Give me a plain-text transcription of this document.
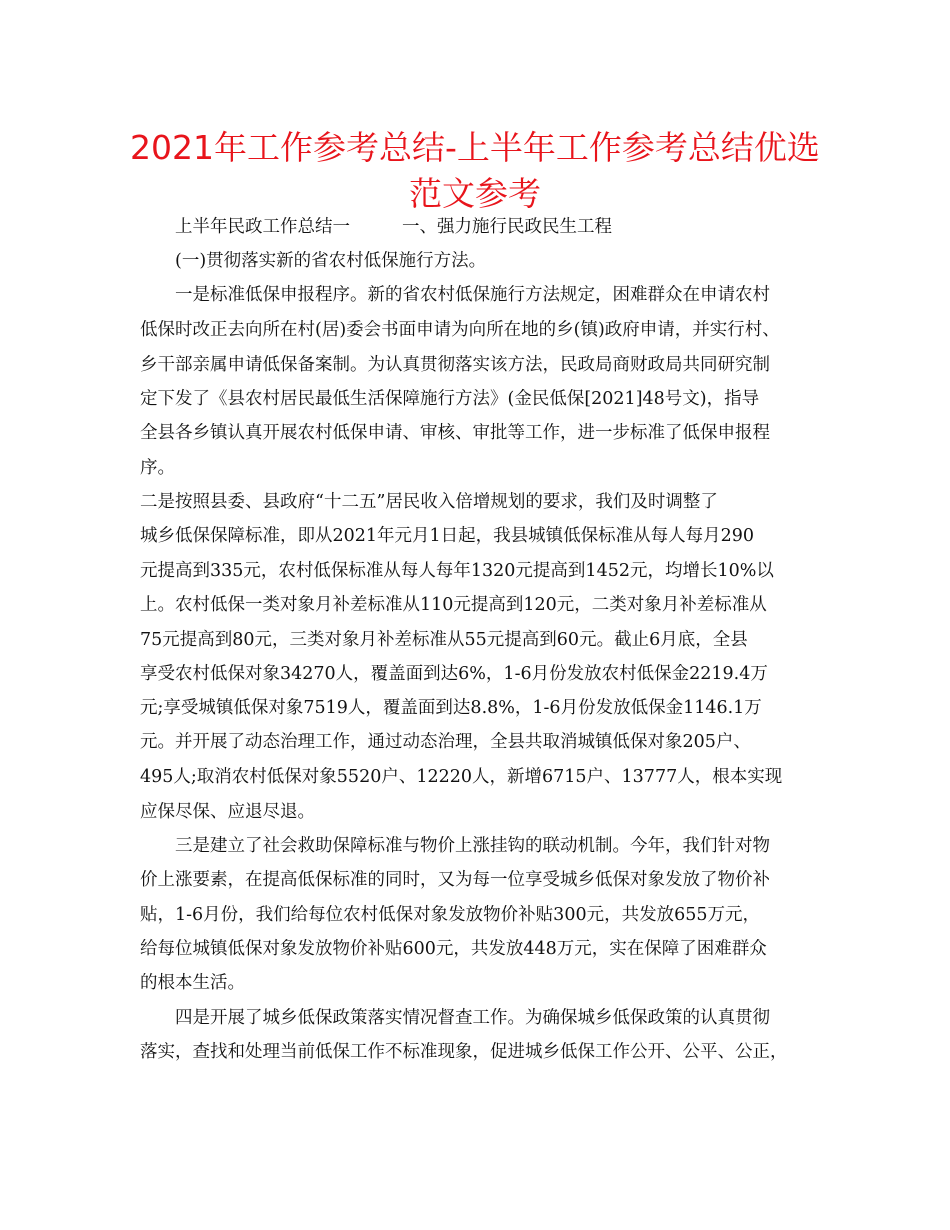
2021年工作参考总结-上半年工作参考总结优选
范文参考

上半年民政工作总结一	一、强力施行民政民生工程

(一)贯彻落实新的省农村低保施行方法。

一是标准低保申报程序。新的省农村低保施行方法规定，困难群众在申请农村

低保时改正去向所在村(居)委会书面申请为向所在地的乡(镇)政府申请，并实行村、

乡干部亲属申请低保备案制。为认真贯彻落实该方法，民政局商财政局共同研究制

定下发了《县农村居民最低生活保障施行方法》(金民低保[2021]48号文)，指导

全县各乡镇认真开展农村低保申请、审核、审批等工作，进一步标准了低保申报程

序。

二是按照县委、县政府“十二五”居民收入倍增规划的要求，我们及时调整了

城乡低保保障标准，即从2021年元月1日起，我县城镇低保标准从每人每月290

元提高到335元，农村低保标准从每人每年1320元提高到1452元，均增长10%以

上。农村低保一类对象月补差标准从110元提高到120元，二类对象月补差标准从

75元提高到80元，三类对象月补差标准从55元提高到60元。截止6月底，全县

享受农村低保对象34270人，覆盖面到达6%，1-6月份发放农村低保金2219.4万

元;享受城镇低保对象7519人，覆盖面到达8.8%，1-6月份发放低保金1146.1万

元。并开展了动态治理工作，通过动态治理，全县共取消城镇低保对象205户、

495人;取消农村低保对象5520户、12220人，新增6715户、13777人，根本实现

应保尽保、应退尽退。

三是建立了社会救助保障标准与物价上涨挂钩的联动机制。今年，我们针对物

价上涨要素，在提高低保标准的同时，又为每一位享受城乡低保对象发放了物价补

贴，1-6月份，我们给每位农村低保对象发放物价补贴300元，共发放655万元，

给每位城镇低保对象发放物价补贴600元，共发放448万元，实在保障了困难群众

的根本生活。

四是开展了城乡低保政策落实情况督查工作。为确保城乡低保政策的认真贯彻

落实，查找和处理当前低保工作不标准现象，促进城乡低保工作公开、公平、公正，
